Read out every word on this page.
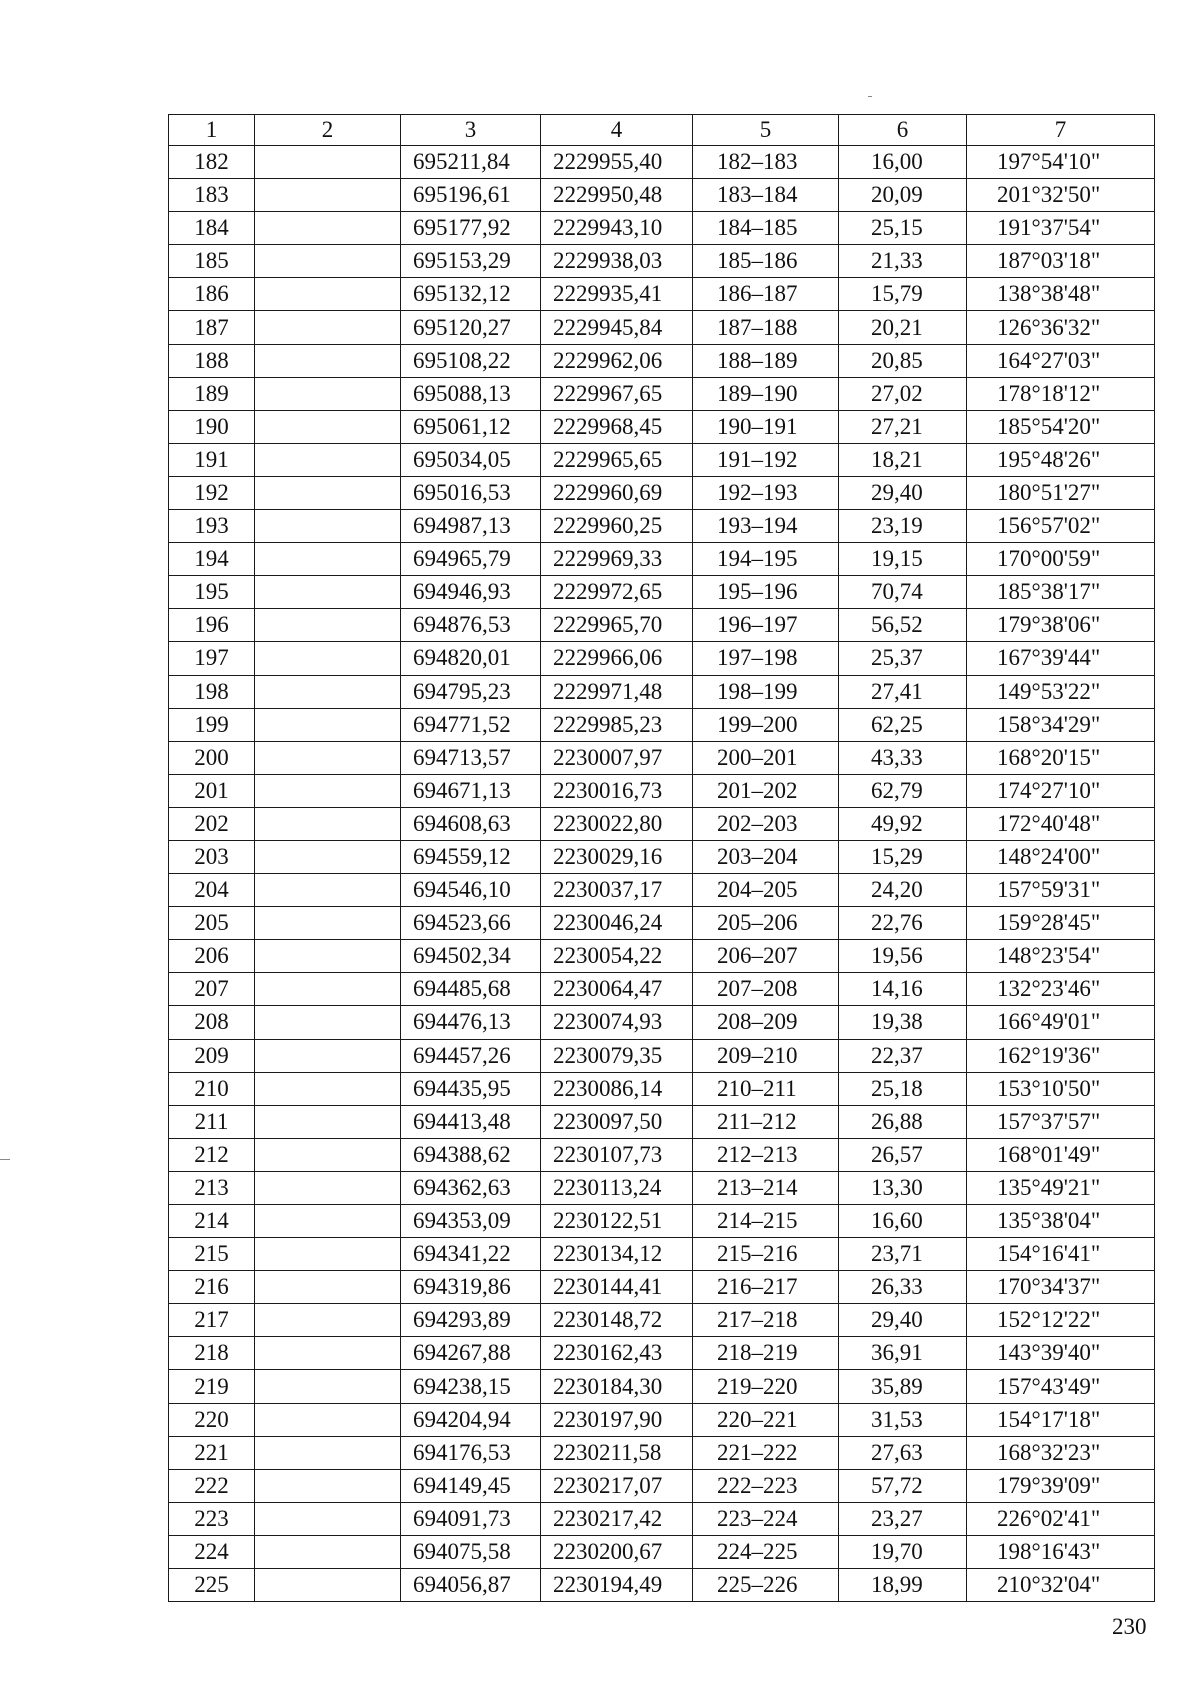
1	2	3	4	5	6	7
182		695211,84	2229955,40	182–183	16,00	197°54'10"
183		695196,61	2229950,48	183–184	20,09	201°32'50"
184		695177,92	2229943,10	184–185	25,15	191°37'54"
185		695153,29	2229938,03	185–186	21,33	187°03'18"
186		695132,12	2229935,41	186–187	15,79	138°38'48"
187		695120,27	2229945,84	187–188	20,21	126°36'32"
188		695108,22	2229962,06	188–189	20,85	164°27'03"
189		695088,13	2229967,65	189–190	27,02	178°18'12"
190		695061,12	2229968,45	190–191	27,21	185°54'20"
191		695034,05	2229965,65	191–192	18,21	195°48'26"
192		695016,53	2229960,69	192–193	29,40	180°51'27"
193		694987,13	2229960,25	193–194	23,19	156°57'02"
194		694965,79	2229969,33	194–195	19,15	170°00'59"
195		694946,93	2229972,65	195–196	70,74	185°38'17"
196		694876,53	2229965,70	196–197	56,52	179°38'06"
197		694820,01	2229966,06	197–198	25,37	167°39'44"
198		694795,23	2229971,48	198–199	27,41	149°53'22"
199		694771,52	2229985,23	199–200	62,25	158°34'29"
200		694713,57	2230007,97	200–201	43,33	168°20'15"
201		694671,13	2230016,73	201–202	62,79	174°27'10"
202		694608,63	2230022,80	202–203	49,92	172°40'48"
203		694559,12	2230029,16	203–204	15,29	148°24'00"
204		694546,10	2230037,17	204–205	24,20	157°59'31"
205		694523,66	2230046,24	205–206	22,76	159°28'45"
206		694502,34	2230054,22	206–207	19,56	148°23'54"
207		694485,68	2230064,47	207–208	14,16	132°23'46"
208		694476,13	2230074,93	208–209	19,38	166°49'01"
209		694457,26	2230079,35	209–210	22,37	162°19'36"
210		694435,95	2230086,14	210–211	25,18	153°10'50"
211		694413,48	2230097,50	211–212	26,88	157°37'57"
212		694388,62	2230107,73	212–213	26,57	168°01'49"
213		694362,63	2230113,24	213–214	13,30	135°49'21"
214		694353,09	2230122,51	214–215	16,60	135°38'04"
215		694341,22	2230134,12	215–216	23,71	154°16'41"
216		694319,86	2230144,41	216–217	26,33	170°34'37"
217		694293,89	2230148,72	217–218	29,40	152°12'22"
218		694267,88	2230162,43	218–219	36,91	143°39'40"
219		694238,15	2230184,30	219–220	35,89	157°43'49"
220		694204,94	2230197,90	220–221	31,53	154°17'18"
221		694176,53	2230211,58	221–222	27,63	168°32'23"
222		694149,45	2230217,07	222–223	57,72	179°39'09"
223		694091,73	2230217,42	223–224	23,27	226°02'41"
224		694075,58	2230200,67	224–225	19,70	198°16'43"
225		694056,87	2230194,49	225–226	18,99	210°32'04"
230
